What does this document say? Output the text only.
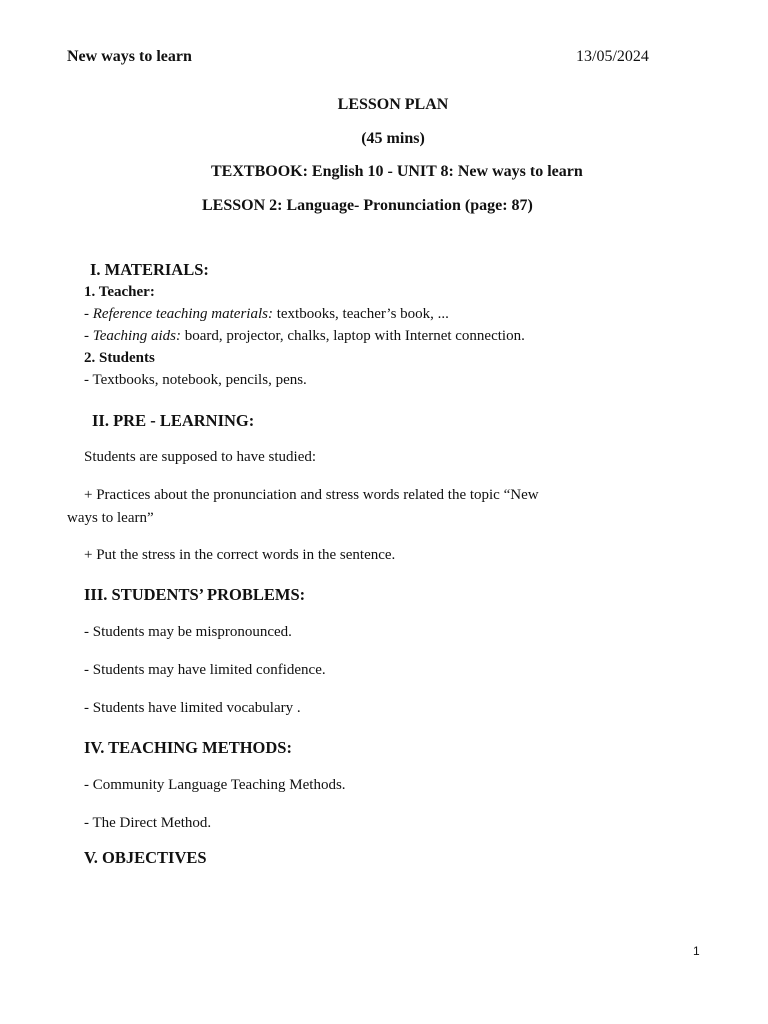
New ways to learn	13/05/2024
LESSON PLAN
(45 mins)
TEXTBOOK: English 10 - UNIT 8: New ways to learn
LESSON 2: Language- Pronunciation (page: 87)
I. MATERIALS:
1. Teacher:
- Reference teaching materials: textbooks, teacher’s book, ...
- Teaching aids: board, projector, chalks, laptop with Internet connection.
2. Students
- Textbooks, notebook, pencils, pens.
II. PRE - LEARNING:
Students are supposed to have studied:
+ Practices about the pronunciation and stress words related the topic “New
ways to learn”
+ Put the stress in the correct words in the sentence.
III. STUDENTS’ PROBLEMS:
- Students may be mispronounced.
- Students may have limited confidence.
- Students have limited vocabulary .
IV. TEACHING METHODS:
- Community Language Teaching Methods.
- The Direct Method.
V. OBJECTIVES
1
